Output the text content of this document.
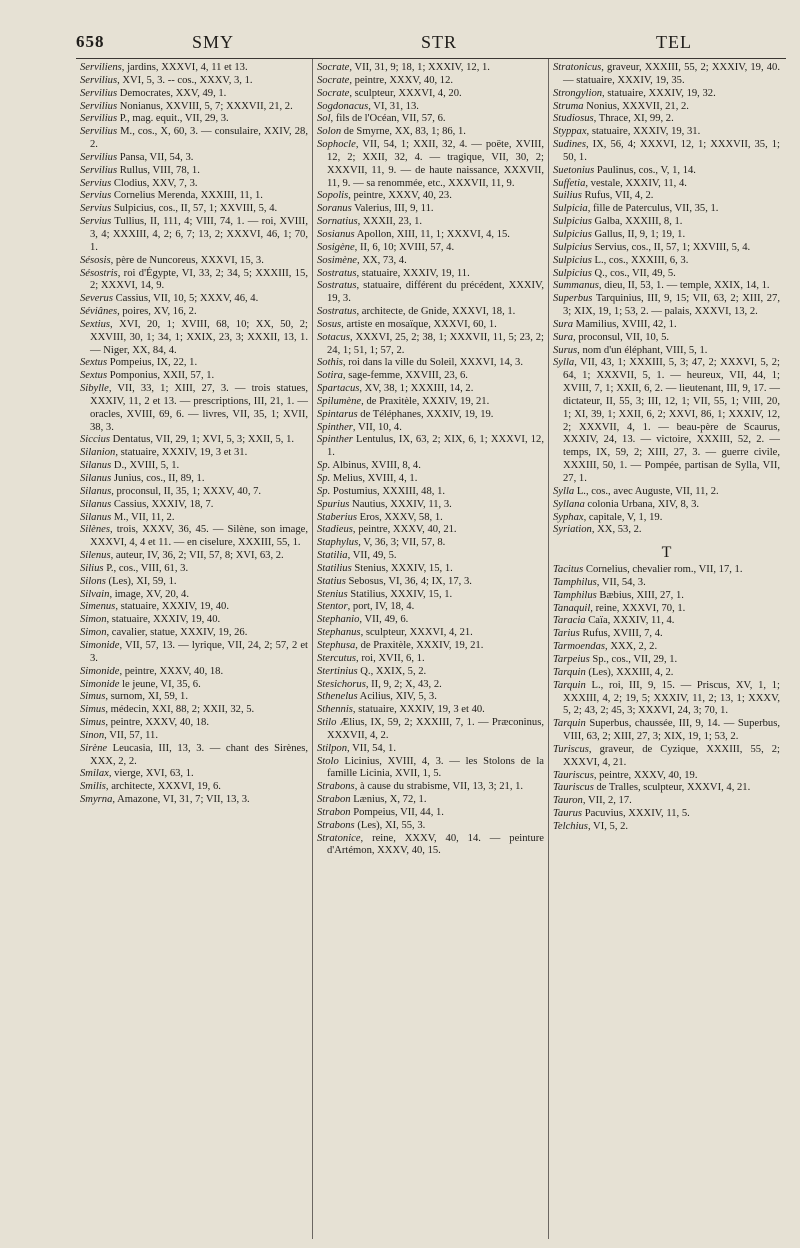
658	SMY	STR	TEL

Serviliens, jardins, XXXVI, 4, 11 et 13.

Servilius, XVI, 5, 3. -- cos., XXXV, 3, 1.

Servilius Democrates, XXV, 49, 1.

Servilius Nonianus, XXVIII, 5, 7; XXXVII, 21, 2.

Servilius P., mag. equit., VII, 29, 3.

Servilius M., cos., X, 60, 3. — consulaire, XXIV, 28, 2.

Servilius Pansa, VII, 54, 3.

Servilius Rullus, VIII, 78, 1.

Servius Clodius, XXV, 7, 3.

Servius Cornelius Merenda, XXXIII, 11, 1.

Servius Sulpicius, cos., II, 57, 1; XXVIII, 5, 4.

Servius Tullius, II, 111, 4; VIII, 74, 1. — roi, XVIII, 3, 4; XXXIII, 4, 2; 6, 7; 13, 2; XXXVI, 46, 1; 70, 1.

Sésosis, père de Nuncoreus, XXXVI, 15, 3.

Sésostris, roi d'Égypte, VI, 33, 2; 34, 5; XXXIII, 15, 2; XXXVI, 14, 9.

Severus Cassius, VII, 10, 5; XXXV, 46, 4.

Séviânes, poires, XV, 16, 2.

Sextius, XVI, 20, 1; XVIII, 68, 10; XX, 50, 2; XXVIII, 30, 1; 34, 1; XXIX, 23, 3; XXXII, 13, 1. — Niger, XX, 84, 4.

Sextus Pompeius, IX, 22, 1.

Sextus Pomponius, XXII, 57, 1.

Sibylle, VII, 33, 1; XIII, 27, 3. — trois statues, XXXIV, 11, 2 et 13. — prescriptions, III, 21, 1. — oracles, XVIII, 69, 6. — livres, VII, 35, 1; XVII, 38, 3.

Siccius Dentatus, VII, 29, 1; XVI, 5, 3; XXII, 5, 1.

Silanion, statuaire, XXXIV, 19, 3 et 31.

Silanus D., XVIII, 5, 1.

Silanus Junius, cos., II, 89, 1.

Silanus, proconsul, II, 35, 1; XXXV, 40, 7.

Silanus Cassius, XXXIV, 18, 7.

Silanus M., VII, 11, 2.

Silènes, trois, XXXV, 36, 45. — Silène, son image, XXXVI, 4, 4 et 11. — en ciselure, XXXIII, 55, 1.

Silenus, auteur, IV, 36, 2; VII, 57, 8; XVI, 63, 2.

Silius P., cos., VIII, 61, 3.

Silons (Les), XI, 59, 1.

Silvain, image, XV, 20, 4.

Simenus, statuaire, XXXIV, 19, 40.

Simon, statuaire, XXXIV, 19, 40.

Simon, cavalier, statue, XXXIV, 19, 26.

Simonide, VII, 57, 13. — lyrique, VII, 24, 2; 57, 2 et 3.

Simonide, peintre, XXXV, 40, 18.

Simonide le jeune, VI, 35, 6.

Simus, surnom, XI, 59, 1.

Simus, médecin, XXI, 88, 2; XXII, 32, 5.

Simus, peintre, XXXV, 40, 18.

Sinon, VII, 57, 11.

Sirène Leucasia, III, 13, 3. — chant des Sirènes, XXX, 2, 2.

Smilax, vierge, XVI, 63, 1.

Smilis, architecte, XXXVI, 19, 6.

Smyrna, Amazone, VI, 31, 7; VII, 13, 3.

Socrate, VII, 31, 9; 18, 1; XXXIV, 12, 1.

Socrate, peintre, XXXV, 40, 12.

Socrate, sculpteur, XXXVI, 4, 20.

Sogdonacus, VI, 31, 13.

Sol, fils de l'Océan, VII, 57, 6.

Solon de Smyrne, XX, 83, 1; 86, 1.

Sophocle, VII, 54, 1; XXII, 32, 4. — poëte, XVIII, 12, 2; XXII, 32, 4. — tragique, VII, 30, 2; XXXVII, 11, 9. — de haute naissance, XXXVII, 11, 9. — sa renommée, etc., XXXVII, 11, 9.

Sopolis, peintre, XXXV, 40, 23.

Soranus Valerius, III, 9, 11.

Sornatius, XXXII, 23, 1.

Sosianus Apollon, XIII, 11, 1; XXXVI, 4, 15.

Sosigène, II, 6, 10; XVIII, 57, 4.

Sosimène, XX, 73, 4.

Sostratus, statuaire, XXXIV, 19, 11.

Sostratus, statuaire, différent du précédent, XXXIV, 19, 3.

Sostratus, architecte, de Gnide, XXXVI, 18, 1.

Sosus, artiste en mosaïque, XXXVI, 60, 1.

Sotacus, XXXVI, 25, 2; 38, 1; XXXVII, 11, 5; 23, 2; 24, 1; 51, 1; 57, 2.

Sothis, roi dans la ville du Soleil, XXXVI, 14, 3.

Sotira, sage-femme, XXVIII, 23, 6.

Spartacus, XV, 38, 1; XXXIII, 14, 2.

Spilumène, de Praxitèle, XXXIV, 19, 21.

Spintarus de Téléphanes, XXXIV, 19, 19.

Spinther, VII, 10, 4.

Spinther Lentulus, IX, 63, 2; XIX, 6, 1; XXXVI, 12, 1.

Sp. Albinus, XVIII, 8, 4.

Sp. Melius, XVIII, 4, 1.

Sp. Postumius, XXXIII, 48, 1.

Spurius Nautius, XXXIV, 11, 3.

Staberius Eros, XXXV, 58, 1.

Stadieus, peintre, XXXV, 40, 21.

Staphylus, V, 36, 3; VII, 57, 8.

Statilia, VII, 49, 5.

Statilius Stenius, XXXIV, 15, 1.

Statius Sebosus, VI, 36, 4; IX, 17, 3.

Stenius Statilius, XXXIV, 15, 1.

Stentor, port, IV, 18, 4.

Stephanio, VII, 49, 6.

Stephanus, sculpteur, XXXVI, 4, 21.

Stephusa, de Praxitèle, XXXIV, 19, 21.

Stercutus, roi, XVII, 6, 1.

Stertinius Q., XXIX, 5, 2.

Stesichorus, II, 9, 2; X, 43, 2.

Sthenelus Acilius, XIV, 5, 3.

Sthennis, statuaire, XXXIV, 19, 3 et 40.

Stilo Ælius, IX, 59, 2; XXXIII, 7, 1. — Præconinus, XXXVII, 4, 2.

Stilpon, VII, 54, 1.

Stolo Licinius, XVIII, 4, 3. — les Stolons de la famille Licinia, XVII, 1, 5.

Strabons, à cause du strabisme, VII, 13, 3; 21, 1.

Strabon Lænius, X, 72, 1.

Strabon Pompeius, VII, 44, 1.

Strabons (Les), XI, 55, 3.

Stratonice, reine, XXXV, 40, 14. — peinture d'Artémon, XXXV, 40, 15.

Stratonicus, graveur, XXXIII, 55, 2; XXXIV, 19, 40. — statuaire, XXXIV, 19, 35.

Strongylion, statuaire, XXXIV, 19, 32.

Struma Nonius, XXXVII, 21, 2.

Studiosus, Thrace, XI, 99, 2.

Styppax, statuaire, XXXIV, 19, 31.

Sudines, IX, 56, 4; XXXVI, 12, 1; XXXVII, 35, 1; 50, 1.

Suetonius Paulinus, cos., V, 1, 14.

Suffetia, vestale, XXXIV, 11, 4.

Suilius Rufus, VII, 4, 2.

Sulpicia, fille de Paterculus, VII, 35, 1.

Sulpicius Galba, XXXIII, 8, 1.

Sulpicius Gallus, II, 9, 1; 19, 1.

Sulpicius Servius, cos., II, 57, 1; XXVIII, 5, 4.

Sulpicius L., cos., XXXIII, 6, 3.

Sulpicius Q., cos., VII, 49, 5.

Summanus, dieu, II, 53, 1. — temple, XXIX, 14, 1.

Superbus Tarquinius, III, 9, 15; VII, 63, 2; XIII, 27, 3; XIX, 19, 1; 53, 2. — palais, XXXVI, 13, 2.

Sura Mamilius, XVIII, 42, 1.

Sura, proconsul, VII, 10, 5.

Surus, nom d'un éléphant, VIII, 5, 1.

Sylla, VII, 43, 1; XXXIII, 5, 3; 47, 2; XXXVI, 5, 2; 64, 1; XXXVII, 5, 1. — heureux, VII, 44, 1; XVIII, 7, 1; XXII, 6, 2. — lieutenant, III, 9, 17. — dictateur, II, 55, 3; III, 12, 1; VII, 55, 1; VIII, 20, 1; XI, 39, 1; XXII, 6, 2; XXVI, 86, 1; XXXIV, 12, 2; XXXVII, 4, 1. — beau-père de Scaurus, XXXIV, 24, 13. — victoire, XXXIII, 52, 2. — temps, IX, 59, 2; XIII, 27, 3. — guerre civile, XXXIII, 50, 1. — Pompée, partisan de Sylla, VII, 27, 1.

Sylla L., cos., avec Auguste, VII, 11, 2.

Syllana colonia Urbana, XIV, 8, 3.

Syphax, capitale, V, 1, 19.

Syriation, XX, 53, 2.

T

Tacitus Cornelius, chevalier rom., VII, 17, 1.

Tamphilus, VII, 54, 3.

Tamphilus Bæbius, XIII, 27, 1.

Tanaquil, reine, XXXVI, 70, 1.

Taracia Caïa, XXXIV, 11, 4.

Tarius Rufus, XVIII, 7, 4.

Tarmoendas, XXX, 2, 2.

Tarpeius Sp., cos., VII, 29, 1.

Tarquin (Les), XXXIII, 4, 2.

Tarquin L., roi, III, 9, 15. — Priscus, XV, 1, 1; XXXIII, 4, 2; 19, 5; XXXIV, 11, 2; 13, 1; XXXV, 5, 2; 43, 2; 45, 3; XXXVI, 24, 3; 70, 1.

Tarquin Superbus, chaussée, III, 9, 14. — Superbus, VIII, 63, 2; XIII, 27, 3; XIX, 19, 1; 53, 2.

Turiscus, graveur, de Cyzique, XXXIII, 55, 2; XXXVI, 4, 21.

Tauriscus, peintre, XXXV, 40, 19.

Tauriscus de Tralles, sculpteur, XXXVI, 4, 21.

Tauron, VII, 2, 17.

Taurus Pacuvius, XXXIV, 11, 5.

Telchius, VI, 5, 2.
